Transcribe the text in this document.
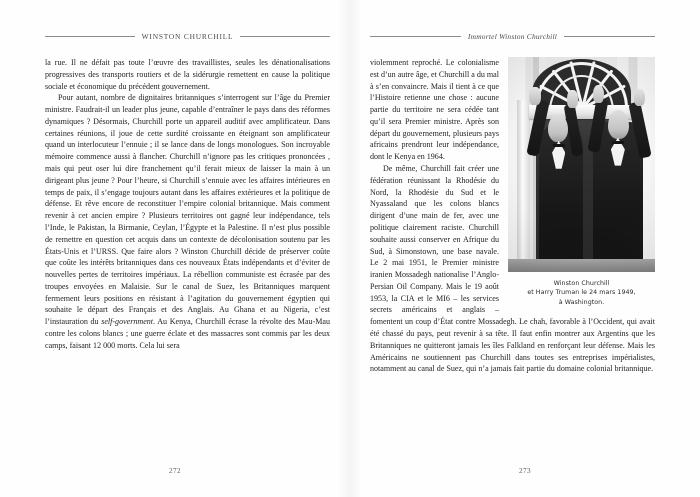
WINSTON CHURCHILL

la rue. Il ne défait pas toute l’œuvre des travaillistes, seules les dénationalisations progressives des transports routiers et de la sidérurgie remettent en cause la politique sociale et économique du précédent gouvernement.

Pour autant, nombre de dignitaires britanniques s’interrogent sur l’âge du Premier ministre. Faudrait-il un leader plus jeune, capable d’entraîner le pays dans des réformes dynamiques ? Désormais, Churchill porte un appareil auditif avec amplificateur. Dans certaines réunions, il joue de cette surdité croissante en éteignant son amplificateur quand un interlocuteur l’ennuie ; il se lance dans de longs monologues. Son incroyable mémoire commence aussi à flancher. Churchill n’ignore pas les critiques prononcées , mais qui peut oser lui dire franchement qu’il ferait mieux de laisser la main à un dirigeant plus jeune ? Pour l’heure, si Churchill s’ennuie avec les affaires intérieures en temps de paix, il s’engage toujours autant dans les affaires extérieures et la politique de défense. Et rêve encore de reconstituer l’empire colonial britannique. Mais comment revenir à cet ancien empire ? Plusieurs territoires ont gagné leur indépendance, tels l’Inde, le Pakistan, la Birmanie, Ceylan, l’Égypte et la Palestine. Il n’est plus possible de remettre en question cet acquis dans un contexte de décolonisation soutenu par les États-Unis et l’URSS. Que faire alors ? Winston Churchill décide de préserver coûte que coûte les intérêts britanniques dans ces nouveaux États indépendants et d’éviter de nouvelles pertes de territoires impériaux. La rébellion communiste est écrasée par des troupes envoyées en Malaisie. Sur le canal de Suez, les Britanniques marquent fermement leurs positions en résistant à l’agitation du gouvernement égyptien qui souhaite le départ des Français et des Anglais. Au Ghana et au Nigeria, c’est l’instauration du self-government. Au Kenya, Churchill écrase la révolte des Mau-Mau contre les colons blancs ; une guerre éclate et des massacres sont commis par les deux camps, faisant 12 000 morts. Cela lui sera

272
Immortel Winston Churchill
Winston Churchill
et Harry Truman le 24 mars 1949,
à Washington.

violemment reproché. Le colonialisme est d’un autre âge, et Churchill a du mal à s’en convaincre. Mais il tient à ce que l’Histoire retienne une chose : aucune partie du territoire ne sera cédée tant qu’il sera Premier ministre. Après son départ du gouvernement, plusieurs pays africains prendront leur indépendance, dont le Kenya en 1964.

De même, Churchill fait créer une fédération réunissant la Rhodésie du Nord, la Rhodésie du Sud et le Nyassaland que les colons blancs dirigent d’une main de fer, avec une politique clairement raciste. Churchill souhaite aussi conserver en Afrique du Sud, à Simonstown, une base navale. Le 2 mai 1951, le Premier ministre iranien Mossadegh nationalise l’Anglo-Persian Oil Company. Mais le 19 août 1953, la CIA et le MI6 – les services secrets américains et anglais – fomentent un coup d’État contre Mossadegh. Le chah, favorable à l’Occident, qui avait été chassé du pays, peut revenir à sa tête. Il faut enfin montrer aux Argentins que les Britanniques ne quitteront jamais les îles Falkland en renforçant leur défense. Mais les Américains ne soutiennent pas Churchill dans toutes ses entreprises impérialistes, notamment au canal de Suez, qui n’a jamais fait partie du domaine colonial britannique.

273
